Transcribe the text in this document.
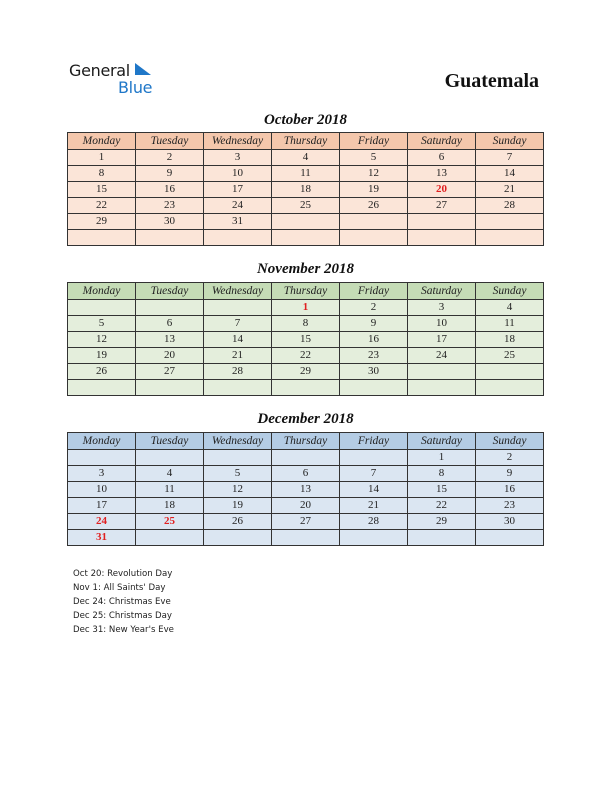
General
Blue	Guatemala
October 2018
Monday	Tuesday	Wednesday	Thursday	Friday	Saturday	Sunday
1	2	3	4	5	6	7
8	9	10	11	12	13	14
15	16	17	18	19	20	21
22	23	24	25	26	27	28
29	30	31				

November 2018
Monday	Tuesday	Wednesday	Thursday	Friday	Saturday	Sunday
			1	2	3	4
5	6	7	8	9	10	11
12	13	14	15	16	17	18
19	20	21	22	23	24	25
26	27	28	29	30		

December 2018
Monday	Tuesday	Wednesday	Thursday	Friday	Saturday	Sunday
					1	2
3	4	5	6	7	8	9
10	11	12	13	14	15	16
17	18	19	20	21	22	23
24	25	26	27	28	29	30
31						
Oct 20: Revolution Day
Nov 1: All Saints' Day
Dec 24: Christmas Eve
Dec 25: Christmas Day
Dec 31: New Year's Eve
